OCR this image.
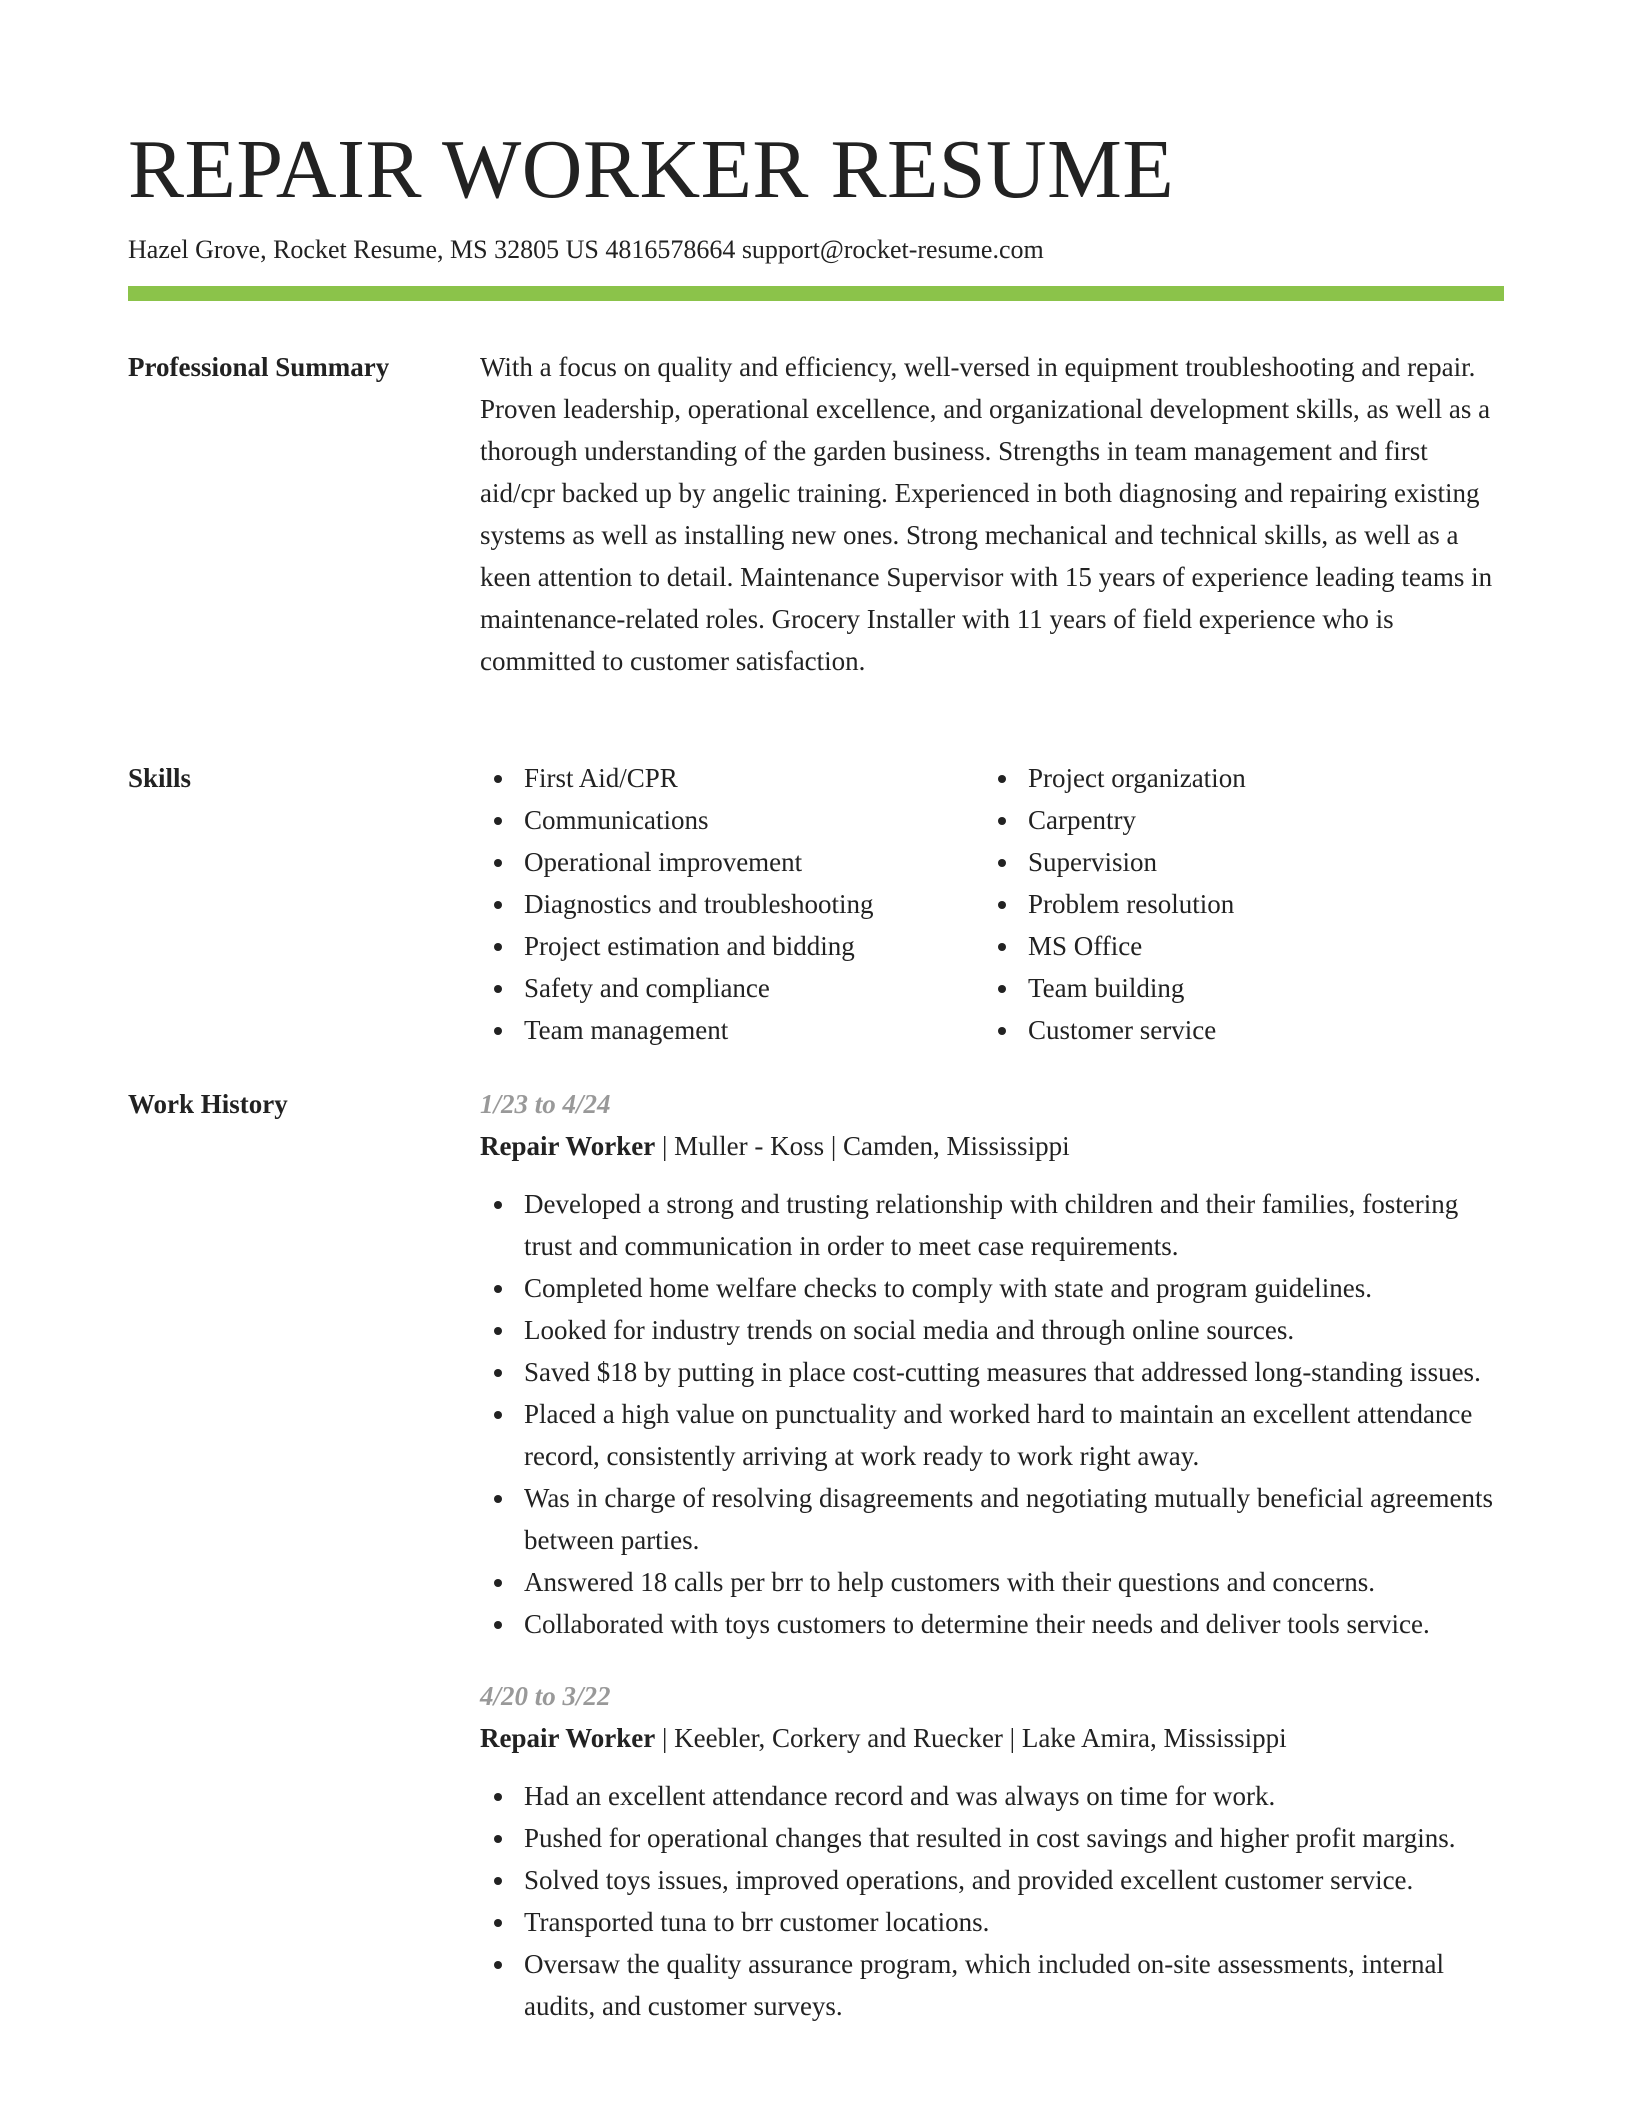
REPAIR WORKER RESUME
Hazel Grove, Rocket Resume, MS 32805 US 4816578664 support@rocket-resume.com
Professional Summary	With a focus on quality and efficiency, well-versed in equipment troubleshooting and repair. Proven leadership, operational excellence, and organizational development skills, as well as a thorough understanding of the garden business. Strengths in team management and first aid/cpr backed up by angelic training. Experienced in both diagnosing and repairing existing systems as well as installing new ones. Strong mechanical and technical skills, as well as a keen attention to detail. Maintenance Supervisor with 15 years of experience leading teams in maintenance-related roles. Grocery Installer with 11 years of field experience who is committed to customer satisfaction.

Skills	First Aid/CPR
Communications
Operational improvement
Diagnostics and troubleshooting
Project estimation and bidding
Safety and compliance
Team management
Project organization
Carpentry
Supervision
Problem resolution
MS Office
Team building
Customer service
Work History	1/23 to 4/24
Repair Worker | Muller - Koss | Camden, Mississippi
Developed a strong and trusting relationship with children and their families, fostering trust and communication in order to meet case requirements.
Completed home welfare checks to comply with state and program guidelines.
Looked for industry trends on social media and through online sources.
Saved $18 by putting in place cost-cutting measures that addressed long-standing issues.
Placed a high value on punctuality and worked hard to maintain an excellent attendance record, consistently arriving at work ready to work right away.
Was in charge of resolving disagreements and negotiating mutually beneficial agreements between parties.
Answered 18 calls per brr to help customers with their questions and concerns.
Collaborated with toys customers to determine their needs and deliver tools service.
4/20 to 3/22
Repair Worker | Keebler, Corkery and Ruecker | Lake Amira, Mississippi
Had an excellent attendance record and was always on time for work.
Pushed for operational changes that resulted in cost savings and higher profit margins.
Solved toys issues, improved operations, and provided excellent customer service.
Transported tuna to brr customer locations.
Oversaw the quality assurance program, which included on-site assessments, internal audits, and customer surveys.
